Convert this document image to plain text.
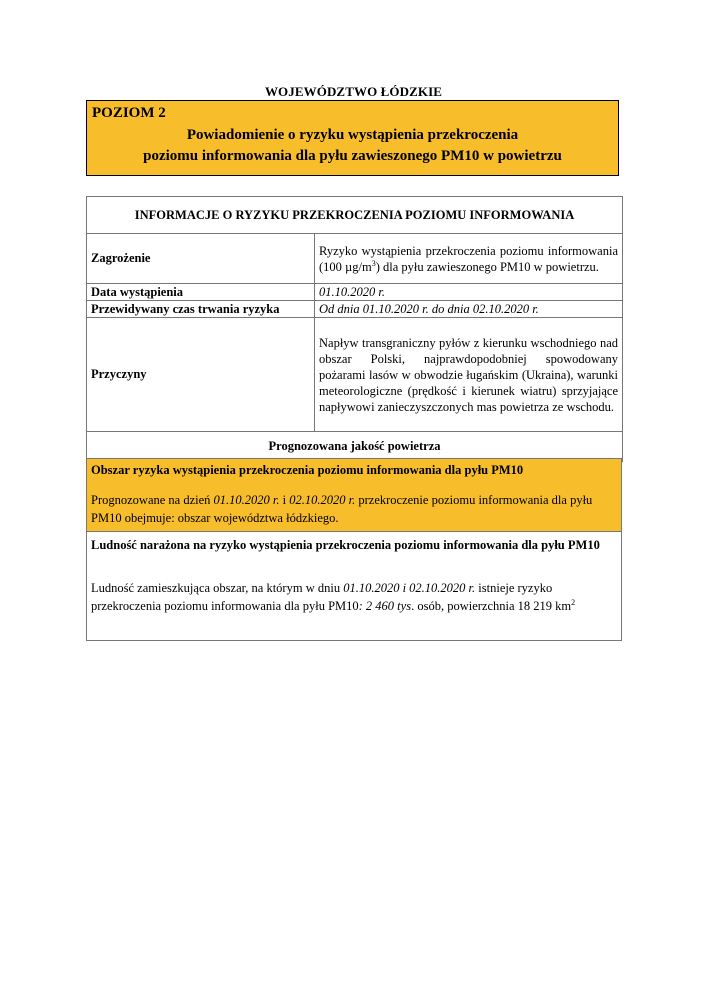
WOJEWÓDZTWO ŁÓDZKIE
POZIOM 2
Powiadomienie o ryzyku wystąpienia przekroczenia
poziomu informowania dla pyłu zawieszonego PM10 w powietrzu
INFORMACJE O RYZYKU PRZEKROCZENIA POZIOMU INFORMOWANIA	
Zagrożenie	Ryzyko wystąpienia przekroczenia poziomu informowania (100 $\mu g/m^3$) dla pyłu zawieszonego PM10 w powietrzu.
Data wystąpienia	01.10.2020 r.
Przewidywany czas trwania ryzyka	Od dnia 01.10.2020 r. do dnia 02.10.2020 r.
Przyczyny	Napływ transgraniczny pyłów z kierunku wschodniego nad obszar Polski, najprawdopodobniej spowodowany pożarami lasów w obwodzie ługańskim (Ukraina), warunki meteorologiczne (prędkość i kierunek wiatru) sprzyjające napływowi zanieczyszczonych mas powietrza ze wschodu.
Prognozowana jakość powietrza	
Obszar ryzyka wystąpienia przekroczenia poziomu informowania dla pyłu PM10
Prognozowane na dzień 01.10.2020 r. i 02.10.2020 r. przekroczenie poziomu informowania dla pyłu PM10 obejmuje: obszar województwa łódzkiego.
Ludność narażona na ryzyko wystąpienia przekroczenia poziomu informowania dla pyłu PM10
Ludność zamieszkująca obszar, na którym w dniu 01.10.2020 i 02.10.2020 r. istnieje ryzyko przekroczenia poziomu informowania dla pyłu PM10: 2 460 tys. osób, powierzchnia 18 219 $km^2$
